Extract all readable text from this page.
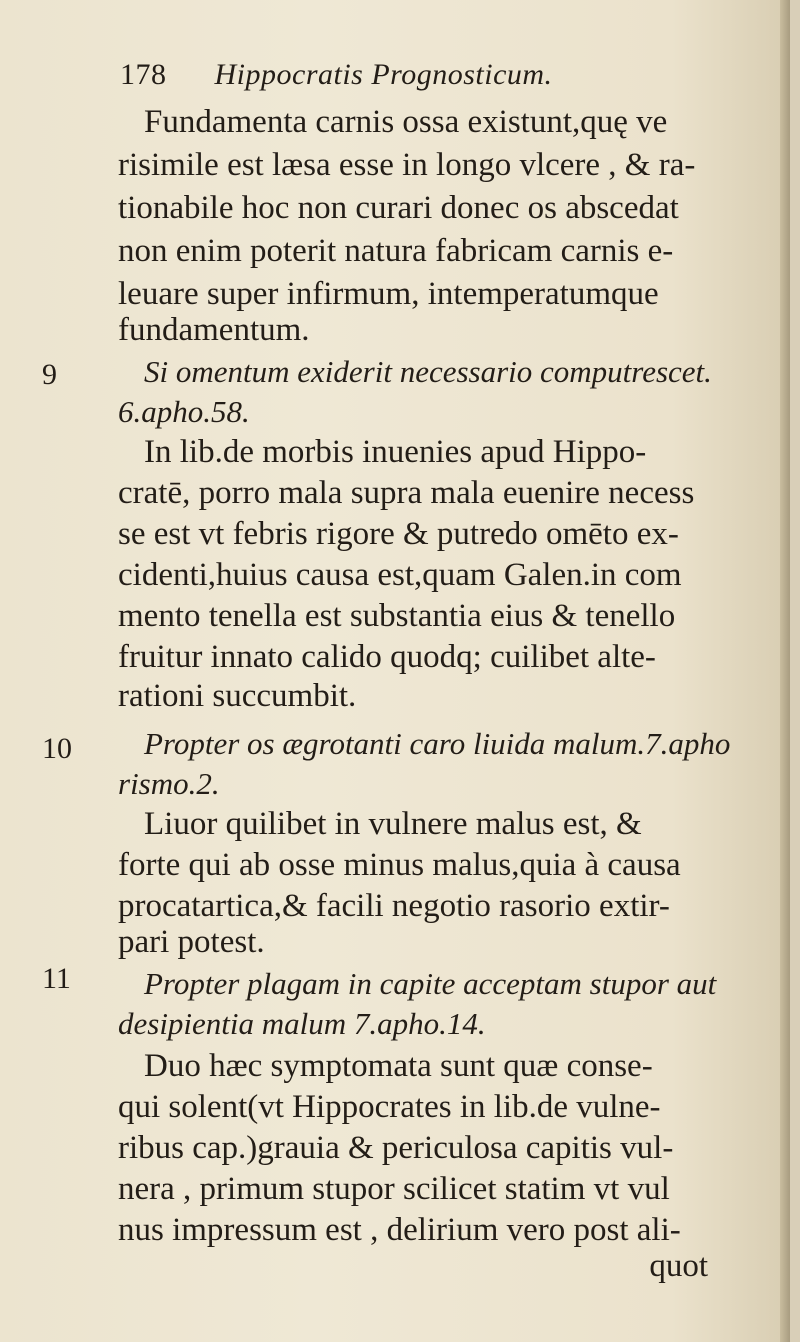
178 Hippocratis Prognosticum.
9
10
11
Fundamenta carnis ossa existunt,quę ve
risimile est læsa esse in longo vlcere , & ra-
tionabile hoc non curari donec os abscedat
non enim poterit natura fabricam carnis e-
leuare super infirmum, intemperatumque
fundamentum.
Si omentum exiderit necessario computrescet.
6.apho.58.
In lib.de morbis inuenies apud Hippo-
cratē, porro mala supra mala euenire necess
se est vt febris rigore & putredo omēto ex-
cidenti,huius causa est,quam Galen.in com
mento tenella est substantia eius & tenello
fruitur innato calido quodq; cuilibet alte-
rationi succumbit.
Propter os ægrotanti caro liuida malum.7.apho
rismo.2.
Liuor quilibet in vulnere malus est, &
forte qui ab osse minus malus,quia à causa
procatartica,& facili negotio rasorio extir-
pari potest.
Propter plagam in capite acceptam stupor aut
desipientia malum 7.apho.14.
Duo hæc symptomata sunt quæ conse-
qui solent(vt Hippocrates in lib.de vulne-
ribus cap.)grauia & periculosa capitis vul-
nera , primum stupor scilicet statim vt vul
nus impressum est , delirium vero post ali-
quot
